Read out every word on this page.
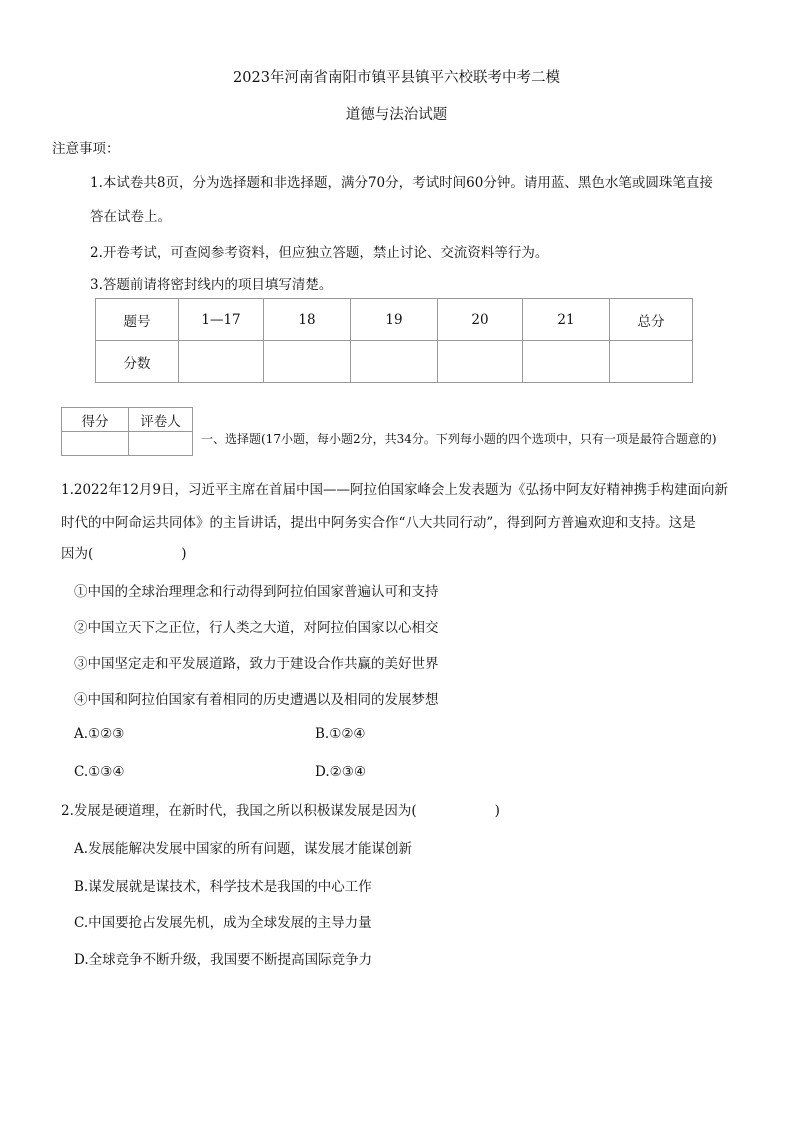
2023年河南省南阳市镇平县镇平六校联考中考二模
道德与法治试题
注意事项：
1.本试卷共8页，分为选择题和非选择题，满分70分，考试时间60分钟。请用蓝、黑色水笔或圆珠笔直接
答在试卷上。
2.开卷考试，可查阅参考资料，但应独立答题，禁止讨论、交流资料等行为。
3.答题前请将密封线内的项目填写清楚。
题号	1—17	18	19	20	21	总分
分数						
得分	评卷人

一、选择题(17小题，每小题2分，共34分。下列每小题的四个选项中，只有一项是最符合题意的)
1.2022年12月9日，习近平主席在首届中国——阿拉伯国家峰会上发表题为《弘扬中阿友好精神携手构建面向新
时代的中阿命运共同体》的主旨讲话，提出中阿务实合作“八大共同行动”，得到阿方普遍欢迎和支持。这是
因为(	)
①中国的全球治理理念和行动得到阿拉伯国家普遍认可和支持
②中国立天下之正位，行人类之大道，对阿拉伯国家以心相交
③中国坚定走和平发展道路，致力于建设合作共赢的美好世界
④中国和阿拉伯国家有着相同的历史遭遇以及相同的发展梦想
A.①②③	B.①②④
C.①③④	D.②③④
2.发展是硬道理，在新时代，我国之所以积极谋发展是因为(	)
A.发展能解决发展中国家的所有问题，谋发展才能谋创新
B.谋发展就是谋技术，科学技术是我国的中心工作
C.中国要抢占发展先机，成为全球发展的主导力量
D.全球竞争不断升级，我国要不断提高国际竞争力
